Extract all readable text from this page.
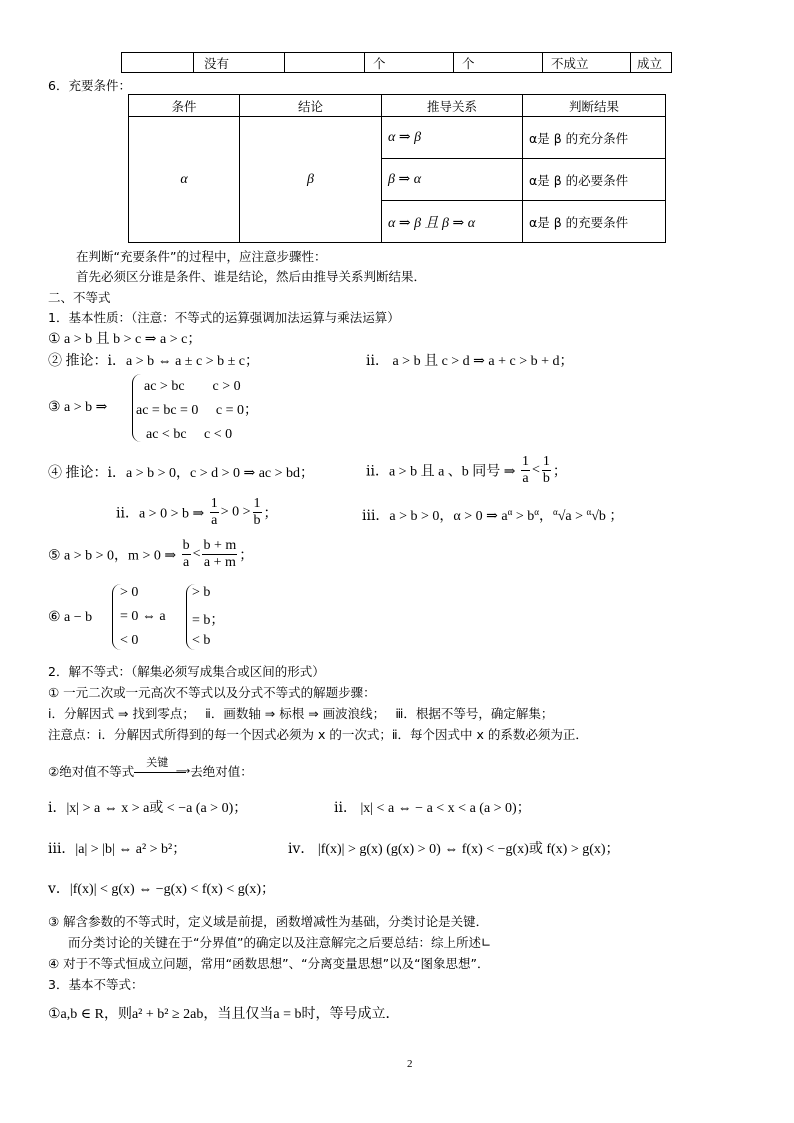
	没有		个	个	不成立	成立
6．充要条件：
条件	结论	推导关系	判断结果
α	β	α ⇒ β	α是 β 的充分条件
		β ⇒ α	α是 β 的必要条件
		α ⇒ β 且 β ⇒ α	α是 β 的充要条件
在判断“充要条件”的过程中，应注意步骤性：
首先必须区分谁是条件、谁是结论，然后由推导关系判断结果．
二、不等式
1．基本性质：（注意：不等式的运算强调加法运算与乘法运算）
① a > b 且 b > c ⇒ a > c；
② 推论：ⅰ．a > b ⇔ a ± c > b ± c；	ⅱ． a > b 且 c > d ⇒ a + c > b + d；
③ a > b ⇒
ac > bc　　c > 0
ac = bc = 0　 c = 0；
ac < bc　 c < 0
④ 推论：ⅰ．a > b > 0，c > d > 0 ⇒ ac > bd；	ⅱ．a > b 且 a 、b 同号 ⇒ $\frac{1}{a} < \frac{1}{b}$ ；
ⅱ．a > 0 > b ⇒ $\frac{1}{a} > 0 > \frac{1}{b}$ ；	ⅲ．a > b > 0，α > 0 ⇒ $a^\alpha > b^\alpha$，$^\alpha$√a > $^\alpha$√b ；
⑤ a > b > 0，m > 0 ⇒ $\frac{b}{a} < \frac{b + m}{a + m}$ ；
⑥ a − b
> 0
= 0 ⇔ a
< 0
> b
= b；
< b
2．解不等式：（解集必须写成集合或区间的形式）
① 一元二次或一元高次不等式以及分式不等式的解题步骤：
ⅰ．分解因式 ⇒ 找到零点；　 ⅱ．画数轴 ⇒ 标根 ⇒ 画波浪线；　 ⅲ．根据不等号，确定解集；
注意点：ⅰ．分解因式所得到的每一个因式必须为 x 的一次式；ⅱ．每个因式中 x 的系数必须为正．
②绝对值不等式
关键
⟶ 去绝对值：
ⅰ．|x| > a ⇔ x > a或 < −a (a > 0)；	ⅱ． |x| < a ⇔ − a < x < a (a > 0)；
ⅲ．|a| > |b| ⇔ a² > b²；	ⅳ． |f(x)| > g(x) (g(x) > 0) ⇔ f(x) < −g(x)或 f(x) > g(x)；
ⅴ．|f(x)| < g(x) ⇔ −g(x) < f(x) < g(x)；
③ 解含参数的不等式时，定义域是前提，函数增减性为基础，分类讨论是关键．
而分类讨论的关键在于“分界值”的确定以及注意解完之后要总结：综上所述∟
④ 对于不等式恒成立问题，常用“函数思想”、“分离变量思想”以及“图象思想”．
3．基本不等式：
①a,b ∈ R，则a² + b² ≥ 2ab，当且仅当a = b时，等号成立．
2
